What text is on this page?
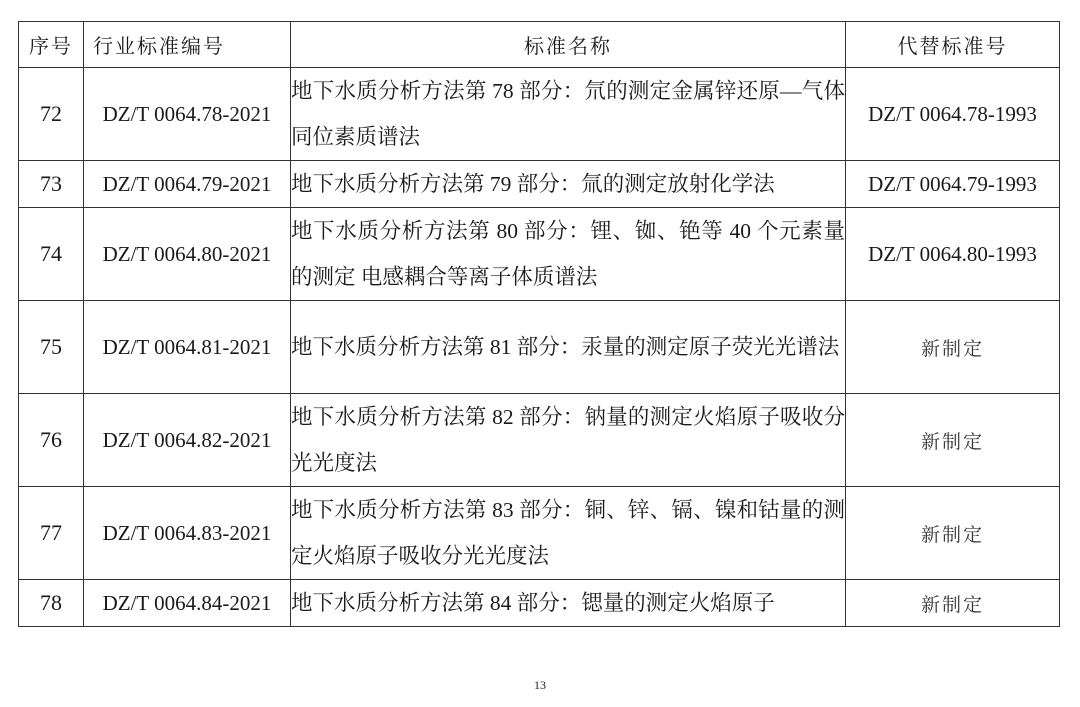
序号	行业标准编号	标准名称	代替标准号
72	DZ/T 0064.78-2021	地下水质分析方法第 78 部分：氘的测定金属锌还原—气体同位素质谱法	DZ/T 0064.78-1993
73	DZ/T 0064.79-2021	地下水质分析方法第 79 部分：氚的测定放射化学法	DZ/T 0064.79-1993
74	DZ/T 0064.80-2021	地下水质分析方法第 80 部分：锂、铷、铯等 40 个元素量的测定 电感耦合等离子体质谱法	DZ/T 0064.80-1993
75	DZ/T 0064.81-2021	地下水质分析方法第 81 部分：汞量的测定原子荧光光谱法	新制定
76	DZ/T 0064.82-2021	地下水质分析方法第 82 部分：钠量的测定火焰原子吸收分光光度法	新制定
77	DZ/T 0064.83-2021	地下水质分析方法第 83 部分：铜、锌、镉、镍和钴量的测定火焰原子吸收分光光度法	新制定
78	DZ/T 0064.84-2021	地下水质分析方法第 84 部分：锶量的测定火焰原子	新制定
13
